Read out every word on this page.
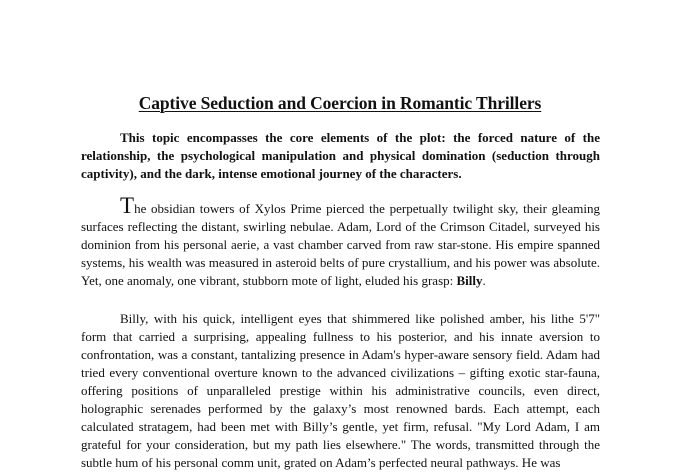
Captive Seduction and Coercion in Romantic Thrillers
This topic encompasses the core elements of the plot: the forced nature of the relationship, the psychological manipulation and physical domination (seduction through captivity), and the dark, intense emotional journey of the characters.

The obsidian towers of Xylos Prime pierced the perpetually twilight sky, their gleaming surfaces reflecting the distant, swirling nebulae. Adam, Lord of the Crimson Citadel, surveyed his dominion from his personal aerie, a vast chamber carved from raw star-stone. His empire spanned systems, his wealth was measured in asteroid belts of pure crystallium, and his power was absolute. Yet, one anomaly, one vibrant, stubborn mote of light, eluded his grasp: Billy.

Billy, with his quick, intelligent eyes that shimmered like polished amber, his lithe 5'7" form that carried a surprising, appealing fullness to his posterior, and his innate aversion to confrontation, was a constant, tantalizing presence in Adam's hyper-aware sensory field. Adam had tried every conventional overture known to the advanced civilizations – gifting exotic star-fauna, offering positions of unparalleled prestige within his administrative councils, even direct, holographic serenades performed by the galaxy’s most renowned bards. Each attempt, each calculated stratagem, had been met with Billy’s gentle, yet firm, refusal. "My Lord Adam, I am grateful for your consideration, but my path lies elsewhere." The words, transmitted through the subtle hum of his personal comm unit, grated on Adam’s perfected neural pathways. He was
